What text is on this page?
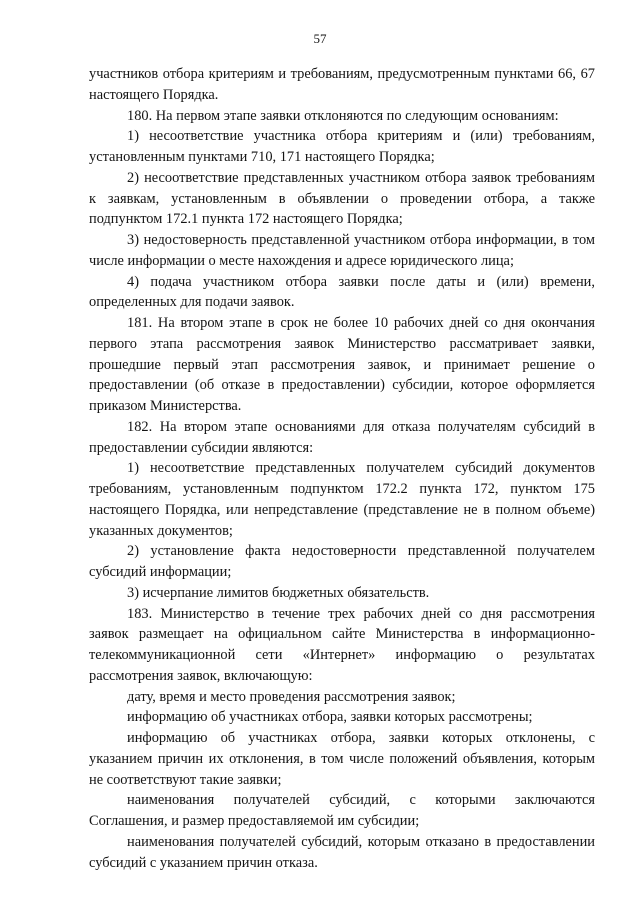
57

участников отбора критериям и требованиям, предусмотренным пунктами 66, 67 настоящего Порядка.

180. На первом этапе заявки отклоняются по следующим основаниям:

1) несоответствие участника отбора критериям и (или) требованиям, установленным пунктами 710, 171 настоящего Порядка;

2) несоответствие представленных участником отбора заявок требованиям к заявкам, установленным в объявлении о проведении отбора, а также подпунктом 172.1 пункта 172 настоящего Порядка;

3) недостоверность представленной участником отбора информации, в том числе информации о месте нахождения и адресе юридического лица;

4) подача участником отбора заявки после даты и (или) времени, определенных для подачи заявок.

181. На втором этапе в срок не более 10 рабочих дней со дня окончания первого этапа рассмотрения заявок Министерство рассматривает заявки, прошедшие первый этап рассмотрения заявок, и принимает решение о предоставлении (об отказе в предоставлении) субсидии, которое оформляется приказом Министерства.

182. На втором этапе основаниями для отказа получателям субсидий в предоставлении субсидии являются:

1) несоответствие представленных получателем субсидий документов требованиям, установленным подпунктом 172.2 пункта 172, пунктом 175 настоящего Порядка, или непредставление (представление не в полном объеме) указанных документов;

2) установление факта недостоверности представленной получателем субсидий информации;

3) исчерпание лимитов бюджетных обязательств.

183. Министерство в течение трех рабочих дней со дня рассмотрения заявок размещает на официальном сайте Министерства в информационно-телекоммуникационной сети «Интернет» информацию о результатах рассмотрения заявок, включающую:

дату, время и место проведения рассмотрения заявок;

информацию об участниках отбора, заявки которых рассмотрены;

информацию об участниках отбора, заявки которых отклонены, с указанием причин их отклонения, в том числе положений объявления, которым не соответствуют такие заявки;

наименования получателей субсидий, с которыми заключаются Соглашения, и размер предоставляемой им субсидии;

наименования получателей субсидий, которым отказано в предоставлении субсидий с указанием причин отказа.
